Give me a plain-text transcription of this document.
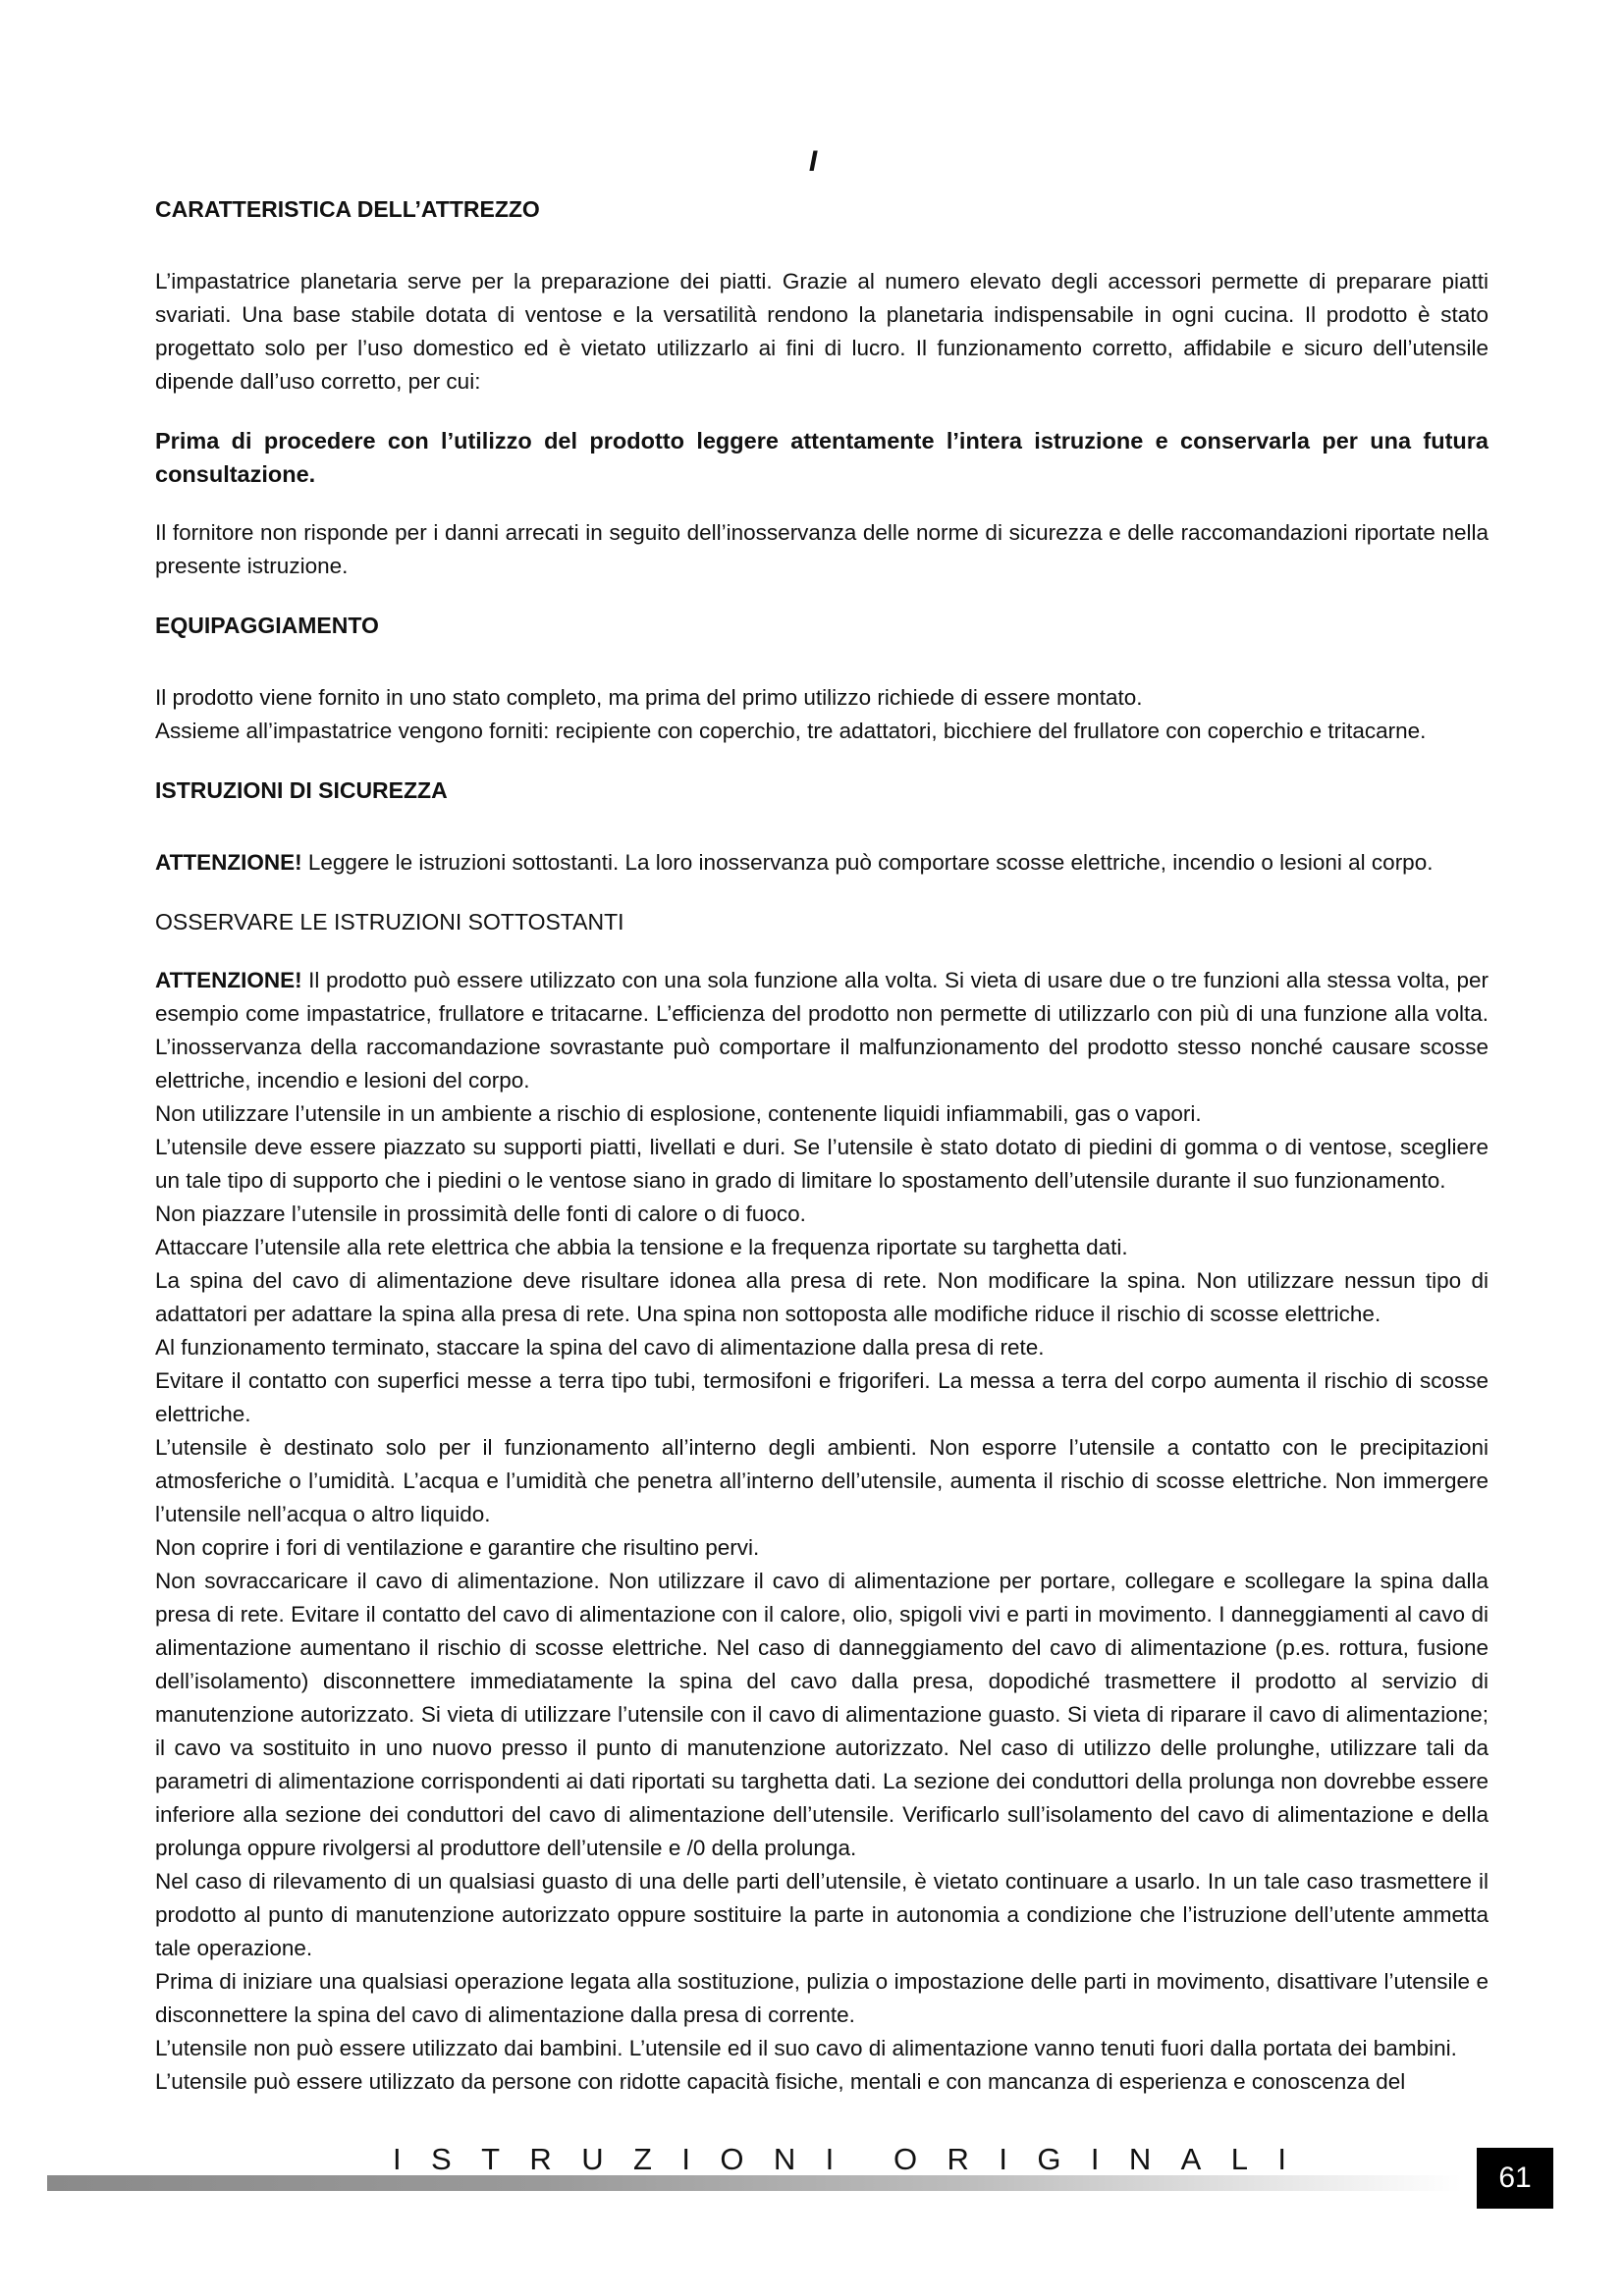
I
CARATTERISTICA DELL’ATTREZZO

L’impastatrice planetaria serve per la preparazione dei piatti. Grazie al numero elevato degli accessori permette di preparare piatti svariati. Una base stabile dotata di ventose e la versatilità rendono la planetaria indispensabile in ogni cucina. Il prodotto è stato progettato solo per l’uso domestico ed è vietato utilizzarlo ai fini di lucro. Il funzionamento corretto, affidabile e sicuro dell’utensile dipende dall’uso corretto, per cui:

Prima di procedere con l’utilizzo del prodotto leggere attentamente l’intera istruzione e conservarla per una futura consultazione.

Il fornitore non risponde per i danni arrecati in seguito dell’inosservanza delle norme di sicurezza e delle raccomandazioni riportate nella presente istruzione.

EQUIPAGGIAMENTO

Il prodotto viene fornito in uno stato completo, ma prima del primo utilizzo richiede di essere montato.

Assieme all’impastatrice vengono forniti: recipiente con coperchio, tre adattatori, bicchiere del frullatore con coperchio e tritacarne.

ISTRUZIONI DI SICUREZZA

ATTENZIONE! Leggere le istruzioni sottostanti. La loro inosservanza può comportare scosse elettriche, incendio o lesioni al corpo.

OSSERVARE LE ISTRUZIONI SOTTOSTANTI

ATTENZIONE! Il prodotto può essere utilizzato con una sola funzione alla volta. Si vieta di usare due o tre funzioni alla stessa volta, per esempio come impastatrice, frullatore e tritacarne. L’efficienza del prodotto non permette di utilizzarlo con più di una funzione alla volta. L’inosservanza della raccomandazione sovrastante può comportare il malfunzionamento del prodotto stesso nonché causare scosse elettriche, incendio e lesioni del corpo.

Non utilizzare l’utensile in un ambiente a rischio di esplosione, contenente liquidi infiammabili, gas o vapori.

L’utensile deve essere piazzato su supporti piatti, livellati e duri. Se l’utensile è stato dotato di piedini di gomma o di ventose, scegliere un tale tipo di supporto che i piedini o le ventose siano in grado di limitare lo spostamento dell’utensile durante il suo funzionamento.

Non piazzare l’utensile in prossimità delle fonti di calore o di fuoco.

Attaccare l’utensile alla rete elettrica che abbia la tensione e la frequenza riportate su targhetta dati.

La spina del cavo di alimentazione deve risultare idonea alla presa di rete. Non modificare la spina. Non utilizzare nessun tipo di adattatori per adattare la spina alla presa di rete. Una spina non sottoposta alle modifiche riduce il rischio di scosse elettriche.

Al funzionamento terminato, staccare la spina del cavo di alimentazione dalla presa di rete.

Evitare il contatto con superfici messe a terra tipo tubi, termosifoni e frigoriferi. La messa a terra del corpo aumenta il rischio di scosse elettriche.

L’utensile è destinato solo per il funzionamento all’interno degli ambienti. Non esporre l’utensile a contatto con le precipitazioni atmosferiche o l’umidità. L’acqua e l’umidità che penetra all’interno dell’utensile, aumenta il rischio di scosse elettriche. Non immergere l’utensile nell’acqua o altro liquido.

Non coprire i fori di ventilazione e garantire che risultino pervi.

Non sovraccaricare il cavo di alimentazione. Non utilizzare il cavo di alimentazione per portare, collegare e scollegare la spina dalla presa di rete. Evitare il contatto del cavo di alimentazione con il calore, olio, spigoli vivi e parti in movimento. I danneggiamenti al cavo di alimentazione aumentano il rischio di scosse elettriche. Nel caso di danneggiamento del cavo di alimentazione (p.es. rottura, fusione dell’isolamento) disconnettere immediatamente la spina del cavo dalla presa, dopodiché trasmettere il prodotto al servizio di manutenzione autorizzato. Si vieta di utilizzare l’utensile con il cavo di alimentazione guasto. Si vieta di riparare il cavo di alimentazione; il cavo va sostituito in uno nuovo presso il punto di manutenzione autorizzato. Nel caso di utilizzo delle prolunghe, utilizzare tali da parametri di alimentazione corrispondenti ai dati riportati su targhetta dati. La sezione dei conduttori della prolunga non dovrebbe essere inferiore alla sezione dei conduttori del cavo di alimentazione dell’utensile. Verificarlo sull’isolamento del cavo di alimentazione e della prolunga oppure rivolgersi al produttore dell’utensile e /0 della prolunga.

Nel caso di rilevamento di un qualsiasi guasto di una delle parti dell’utensile, è vietato continuare a usarlo. In un tale caso trasmettere il prodotto al punto di manutenzione autorizzato oppure sostituire la parte in autonomia a condizione che l’istruzione dell’utente ammetta tale operazione.

Prima di iniziare una qualsiasi operazione legata alla sostituzione, pulizia o impostazione delle parti in movimento, disattivare l’utensile e disconnettere la spina del cavo di alimentazione dalla presa di corrente.

L’utensile non può essere utilizzato dai bambini. L’utensile ed il suo cavo di alimentazione vanno tenuti fuori dalla portata dei bambini.

L’utensile può essere utilizzato da persone con ridotte capacità fisiche, mentali e con mancanza di esperienza e conoscenza del

I S T R U Z I O N I O R I G I N A L I
61
